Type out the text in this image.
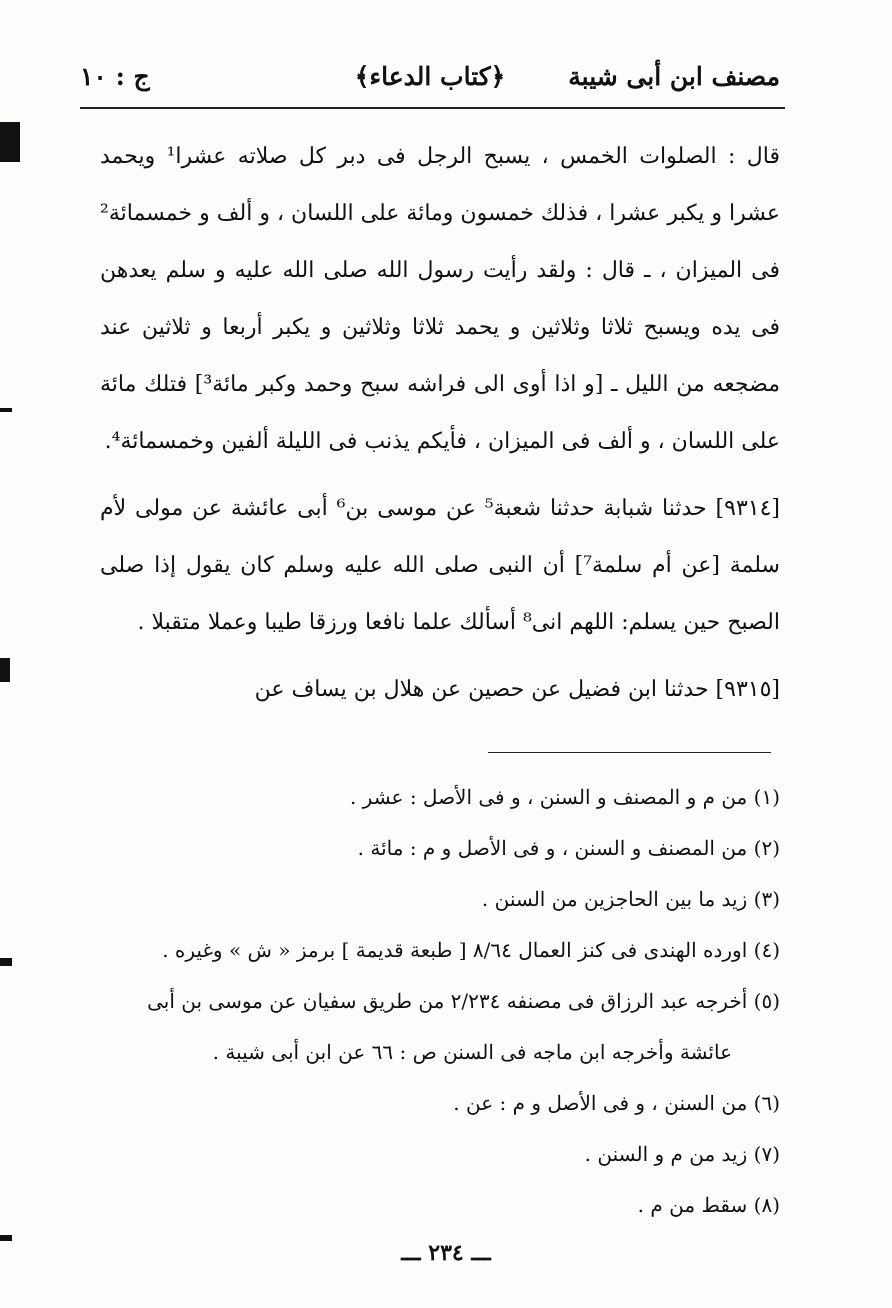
مصنف ابن أبى شيبة
﴿كتاب الدعاء﴾
ج : ١٠

قال : الصلوات الخمس ، يسبح الرجل فى دبر كل صلاته عشرا¹ ويحمد عشرا و يكبر عشرا ، فذلك خمسون ومائة على اللسان ، و ألف و خمسمائة² فى الميزان ، ـ قال : ولقد رأيت رسول الله صلى الله عليه و سلم يعدهن فى يده ويسبح ثلاثا وثلاثين و يحمد ثلاثا وثلاثين و يكبر أربعا و ثلاثين عند مضجعه من الليل ـ [و اذا أوى الى فراشه سبح وحمد وكبر مائة³] فتلك مائة على اللسان ، و ألف فى الميزان ، فأيكم يذنب فى الليلة ألفين وخمسمائة⁴.

[٩٣١٤] حدثنا شبابة حدثنا شعبة⁵ عن موسى بن⁶ أبى عائشة عن مولى لأم سلمة [عن أم سلمة⁷] أن النبى صلى الله عليه وسلم كان يقول إذا صلى الصبح حين يسلم: اللهم انى⁸ أسألك علما نافعا ورزقا طيبا وعملا متقبلا .

[٩٣١٥] حدثنا ابن فضيل عن حصين عن هلال بن يساف عن

(١) من م و المصنف و السنن ، و فى الأصل : عشر .

(٢) من المصنف و السنن ، و فى الأصل و م : مائة .

(٣) زيد ما بين الحاجزين من السنن .

(٤) اورده الهندى فى كنز العمال ٨/٦٤ [ طبعة قديمة ] برمز « ش » وغيره .

(٥) أخرجه عبد الرزاق فى مصنفه ٢/٢٣٤ من طريق سفيان عن موسى بن أبى

عائشة وأخرجه ابن ماجه فى السنن ص : ٦٦ عن ابن أبى شيبة .

(٦) من السنن ، و فى الأصل و م : عن .

(٧) زيد من م و السنن .

(٨) سقط من م .

ـــ ٢٣٤ ـــ
